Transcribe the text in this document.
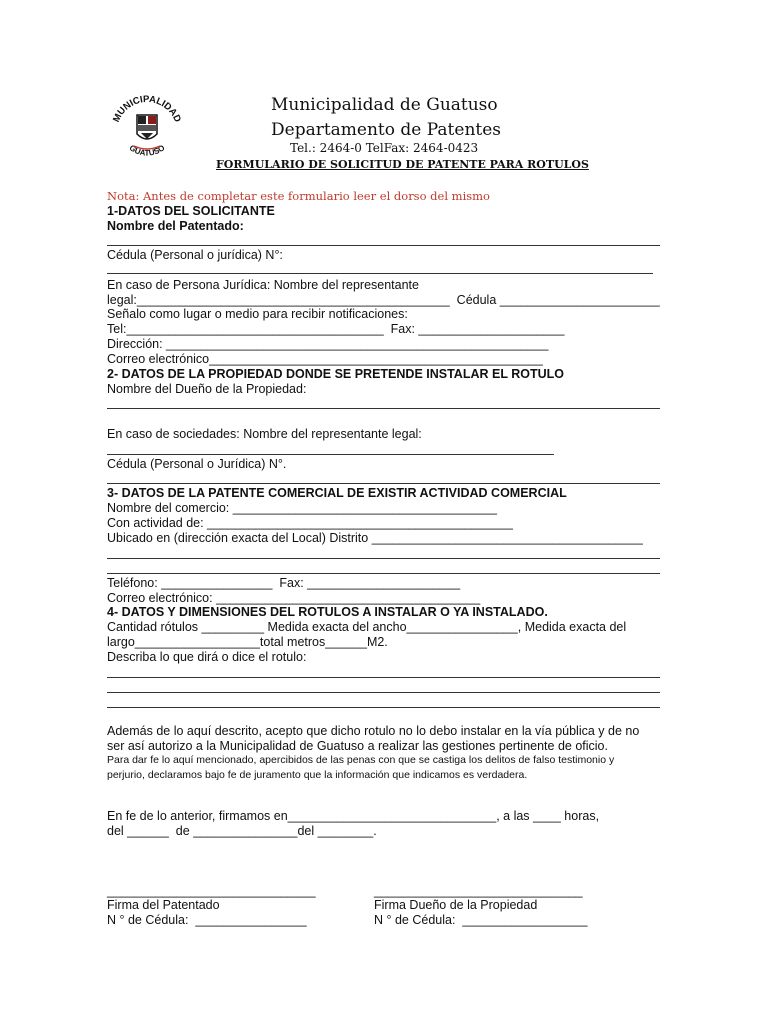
MUNICIPALIDAD
GUATUSO
Municipalidad de Guatuso
Departamento de Patentes
Tel.: 2464-0 TelFax: 2464-0423
FORMULARIO DE SOLICITUD DE PATENTE PARA ROTULOS
Nota: Antes de completar este formulario leer el dorso del mismo
1-DATOS DEL SOLICITANTE
Nombre del Patentado:
Cédula (Personal o jurídica) N°:
En caso de Persona Jurídica: Nombre del representante
legal:_____________________________________________  Cédula _______________________
Señalo como lugar o medio para recibir notificaciones:
Tel:_____________________________________  Fax: _____________________
Dirección: _______________________________________________________
Correo electrónico________________________________________________
2- DATOS DE LA PROPIEDAD DONDE SE PRETENDE INSTALAR EL ROTULO
Nombre del Dueño de la Propiedad:
En caso de sociedades: Nombre del representante legal:
Cédula (Personal o Jurídica) N°.
3- DATOS DE LA PATENTE COMERCIAL DE EXISTIR ACTIVIDAD COMERCIAL
Nombre del comercio: ______________________________________
Con actividad de: ____________________________________________
Ubicado en (dirección exacta del Local) Distrito _______________________________________
Teléfono: ________________  Fax: ______________________
Correo electrónico: ______________________________________
4- DATOS Y DIMENSIONES DEL ROTULOS A INSTALAR O YA INSTALADO.
Cantidad rótulos _________ Medida exacta del ancho________________, Medida exacta del
largo__________________total metros______M2.
Describa lo que dirá o dice el rotulo:
Además de lo aquí descrito, acepto que dicho rotulo no lo debo instalar en la vía pública y de no
ser así autorizo a la Municipalidad de Guatuso a realizar las gestiones pertinente de oficio.
Para dar fe lo aquí mencionado, apercibidos de las penas con que se castiga los delitos de falso testimonio y
perjurio, declaramos bajo fe de juramento que la información que indicamos es verdadera.
En fe de lo anterior, firmamos en______________________________, a las ____ horas,
del ______  de _______________del ________.
______________________________	______________________________
Firma del Patentado	Firma Dueño de la Propiedad
N ° de Cédula:  ________________	N ° de Cédula:  __________________
